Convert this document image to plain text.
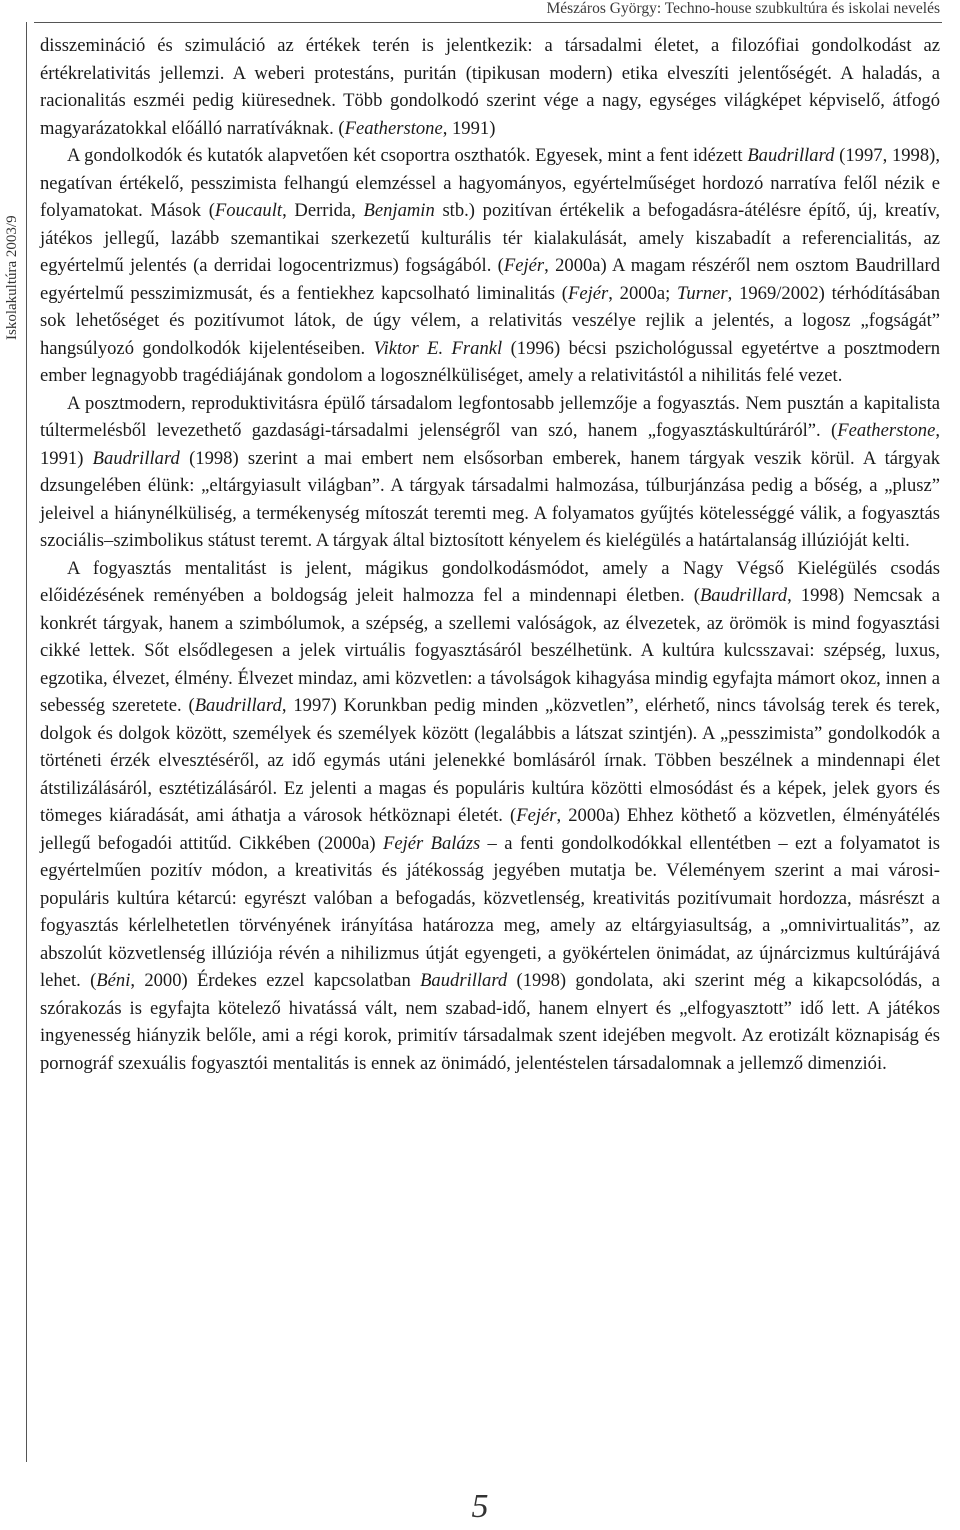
Mészáros György: Techno-house szubkultúra és iskolai nevelés
Iskolakultúra 2003/9

disszemináció és szimuláció az értékek terén is jelentkezik: a társadalmi életet, a filozófiai gondolkodást az értékrelativitás jellemzi. A weberi protestáns, puritán (tipikusan modern) etika elveszíti jelentőségét. A haladás, a racionalitás eszméi pedig kiüresednek. Több gondolkodó szerint vége a nagy, egységes világképet képviselő, átfogó magyarázatokkal előálló narratíváknak. (Featherstone, 1991)

A gondolkodók és kutatók alapvetően két csoportra oszthatók. Egyesek, mint a fent idézett Baudrillard (1997, 1998), negatívan értékelő, pesszimista felhangú elemzéssel a hagyományos, egyértelműséget hordozó narratíva felől nézik e folyamatokat. Mások (Foucault, Derrida, Benjamin stb.) pozitívan értékelik a befogadásra-átélésre építő, új, kreatív, játékos jellegű, lazább szemantikai szerkezetű kulturális tér kialakulását, amely kiszabadít a referencialitás, az egyértelmű jelentés (a derridai logocentrizmus) fogságából. (Fejér, 2000a) A magam részéről nem osztom Baudrillard egyértelmű pesszimizmusát, és a fentiekhez kapcsolható liminalitás (Fejér, 2000a; Turner, 1969/2002) térhódításában sok lehetőséget és pozitívumot látok, de úgy vélem, a relativitás veszélye rejlik a jelentés, a logosz „fogságát” hangsúlyozó gondolkodók kijelentéseiben. Viktor E. Frankl (1996) bécsi pszichológussal egyetértve a posztmodern ember legnagyobb tragédiájának gondolom a logosznélküliséget, amely a relativitástól a nihilitás felé vezet.

A posztmodern, reproduktivitásra épülő társadalom legfontosabb jellemzője a fogyasztás. Nem pusztán a kapitalista túltermelésből levezethető gazdasági-társadalmi jelenségről van szó, hanem „fogyasztáskultúráról”. (Featherstone, 1991) Baudrillard (1998) szerint a mai embert nem elsősorban emberek, hanem tárgyak veszik körül. A tárgyak dzsungelében élünk: „eltárgyiasult világban”. A tárgyak társadalmi halmozása, túlburjánzása pedig a bőség, a „plusz” jeleivel a hiánynélküliség, a termékenység mítoszát teremti meg. A folyamatos gyűjtés kötelességgé válik, a fogyasztás szociális–szimbolikus státust teremt. A tárgyak által biztosított kényelem és kielégülés a határtalanság illúzióját kelti.

A fogyasztás mentalitást is jelent, mágikus gondolkodásmódot, amely a Nagy Végső Kielégülés csodás előidézésének reményében a boldogság jeleit halmozza fel a mindennapi életben. (Baudrillard, 1998) Nemcsak a konkrét tárgyak, hanem a szimbólumok, a szépség, a szellemi valóságok, az élvezetek, az örömök is mind fogyasztási cikké lettek. Sőt elsődlegesen a jelek virtuális fogyasztásáról beszélhetünk. A kultúra kulcsszavai: szépség, luxus, egzotika, élvezet, élmény. Élvezet mindaz, ami közvetlen: a távolságok kihagyása mindig egyfajta mámort okoz, innen a sebesség szeretete. (Baudrillard, 1997) Korunkban pedig minden „közvetlen”, elérhető, nincs távolság terek és terek, dolgok és dolgok között, személyek és személyek között (legalábbis a látszat szintjén). A „pesszimista” gondolkodók a történeti érzék elvesztéséről, az idő egymás utáni jelenekké bomlásáról írnak. Többen beszélnek a mindennapi élet átstilizálásáról, esztétizálásáról. Ez jelenti a magas és populáris kultúra közötti elmosódást és a képek, jelek gyors és tömeges kiáradását, ami áthatja a városok hétköznapi életét. (Fejér, 2000a) Ehhez köthető a közvetlen, élményátélés jellegű befogadói attitűd. Cikkében (2000a) Fejér Balázs – a fenti gondolkodókkal ellentétben – ezt a folyamatot is egyértelműen pozitív módon, a kreativitás és játékosság jegyében mutatja be. Véleményem szerint a mai városi-populáris kultúra kétarcú: egyrészt valóban a befogadás, közvetlenség, kreativitás pozitívumait hordozza, másrészt a fogyasztás kérlelhetetlen törvényének irányítása határozza meg, amely az eltárgyiasultság, a „omnivirtualitás”, az abszolút közvetlenség illúziója révén a nihilizmus útját egyengeti, a gyökértelen önimádat, az újnárcizmus kultúrájává lehet. (Béni, 2000) Érdekes ezzel kapcsolatban Baudrillard (1998) gondolata, aki szerint még a kikapcsolódás, a szórakozás is egyfajta kötelező hivatássá vált, nem szabad-idő, hanem elnyert és „elfogyasztott” idő lett. A játékos ingyenesség hiányzik belőle, ami a régi korok, primitív társadalmak szent idejében megvolt. Az erotizált köznapiság és pornográf szexuális fogyasztói mentalitás is ennek az önimádó, jelentéstelen társadalomnak a jellemző dimenziói.

5
